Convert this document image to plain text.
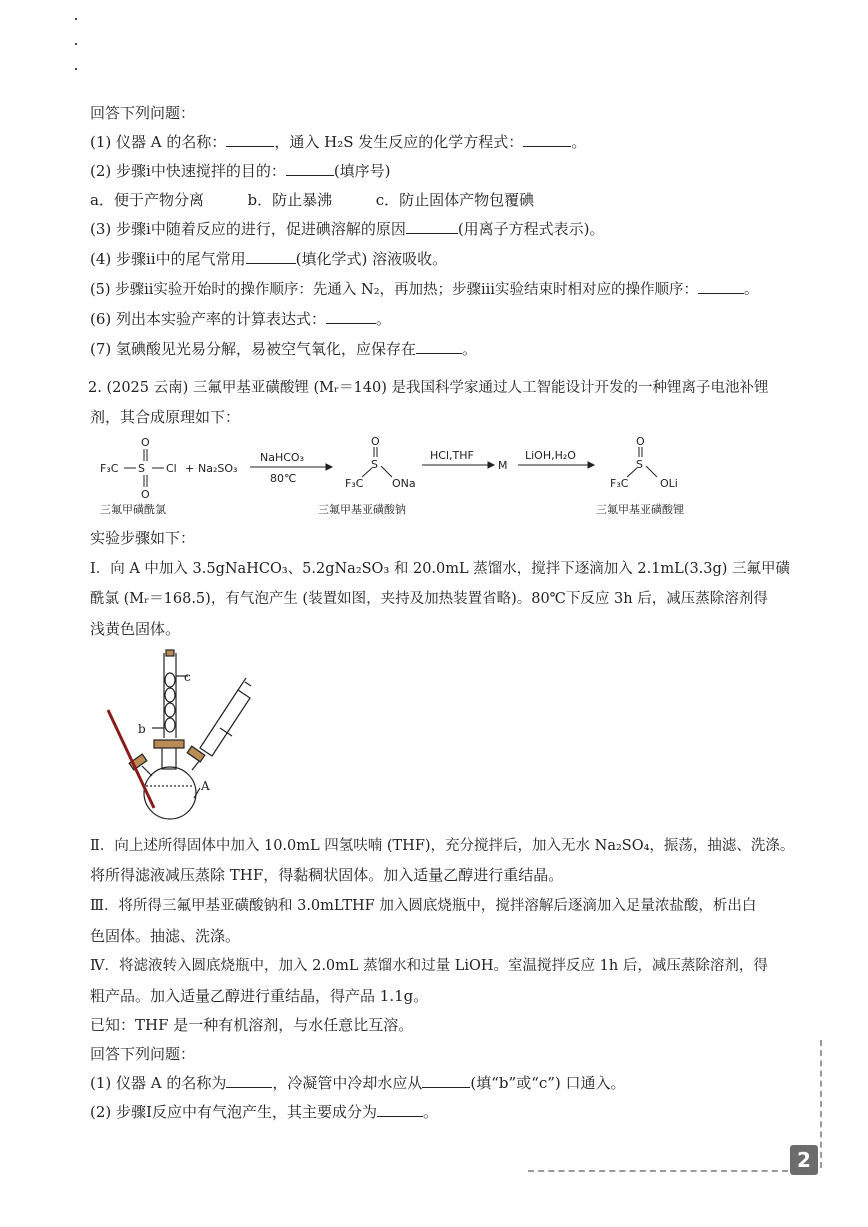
回答下列问题：
(1) 仪器 A 的名称：	，通入 H₂S 发生反应的化学方程式：	。
(2) 步骤ⅰ中快速搅拌的目的：	(填序号)
a．便于产物分离	b．防止暴沸	c．防止固体产物包覆碘
(3) 步骤ⅰ中随着反应的进行，促进碘溶解的原因	(用离子方程式表示)。
(4) 步骤ⅱ中的尾气常用	(填化学式) 溶液吸收。
(5) 步骤ⅱ实验开始时的操作顺序：先通入 N₂，再加热；步骤ⅲ实验结束时相对应的操作顺序：	。
(6) 列出本实验产率的计算表达式：	。
(7) 氢碘酸见光易分解，易被空气氧化，应保存在	。
2. (2025 云南) 三氟甲基亚磺酸锂 (Mᵣ＝140) 是我国科学家通过人工智能设计开发的一种锂离子电池补锂
剂，其合成原理如下：
F₃C S
O
O
Cl + Na₂SO₃
三氟甲磺酰氯
NaHCO₃
80℃	F₃C
S
O
ONa
三氟甲基亚磺酸钠
HCl,THF
M
LiOH,H₂O
F₃C
S
O
OLi
三氟甲基亚磺酸锂
实验步骤如下：
Ⅰ．向 A 中加入 3.5gNaHCO₃、5.2gNa₂SO₃ 和 20.0mL 蒸馏水，搅拌下逐滴加入 2.1mL(3.3g) 三氟甲磺
酰氯 (Mᵣ＝168.5)，有气泡产生 (装置如图，夹持及加热装置省略)。80℃下反应 3h 后，减压蒸除溶剂得
浅黄色固体。
c
b
A
Ⅱ．向上述所得固体中加入 10.0mL 四氢呋喃 (THF)，充分搅拌后，加入无水 Na₂SO₄，振荡，抽滤、洗涤。
将所得滤液减压蒸除 THF，得黏稠状固体。加入适量乙醇进行重结晶。
Ⅲ．将所得三氟甲基亚磺酸钠和 3.0mLTHF 加入圆底烧瓶中，搅拌溶解后逐滴加入足量浓盐酸，析出白
色固体。抽滤、洗涤。
Ⅳ．将滤液转入圆底烧瓶中，加入 2.0mL 蒸馏水和过量 LiOH。室温搅拌反应 1h 后，减压蒸除溶剂，得
粗产品。加入适量乙醇进行重结晶，得产品 1.1g。
已知：THF 是一种有机溶剂，与水任意比互溶。
回答下列问题：
(1) 仪器 A 的名称为	，冷凝管中冷却水应从	(填“b”或“c”) 口通入。
(2) 步骤Ⅰ反应中有气泡产生，其主要成分为	。
2
